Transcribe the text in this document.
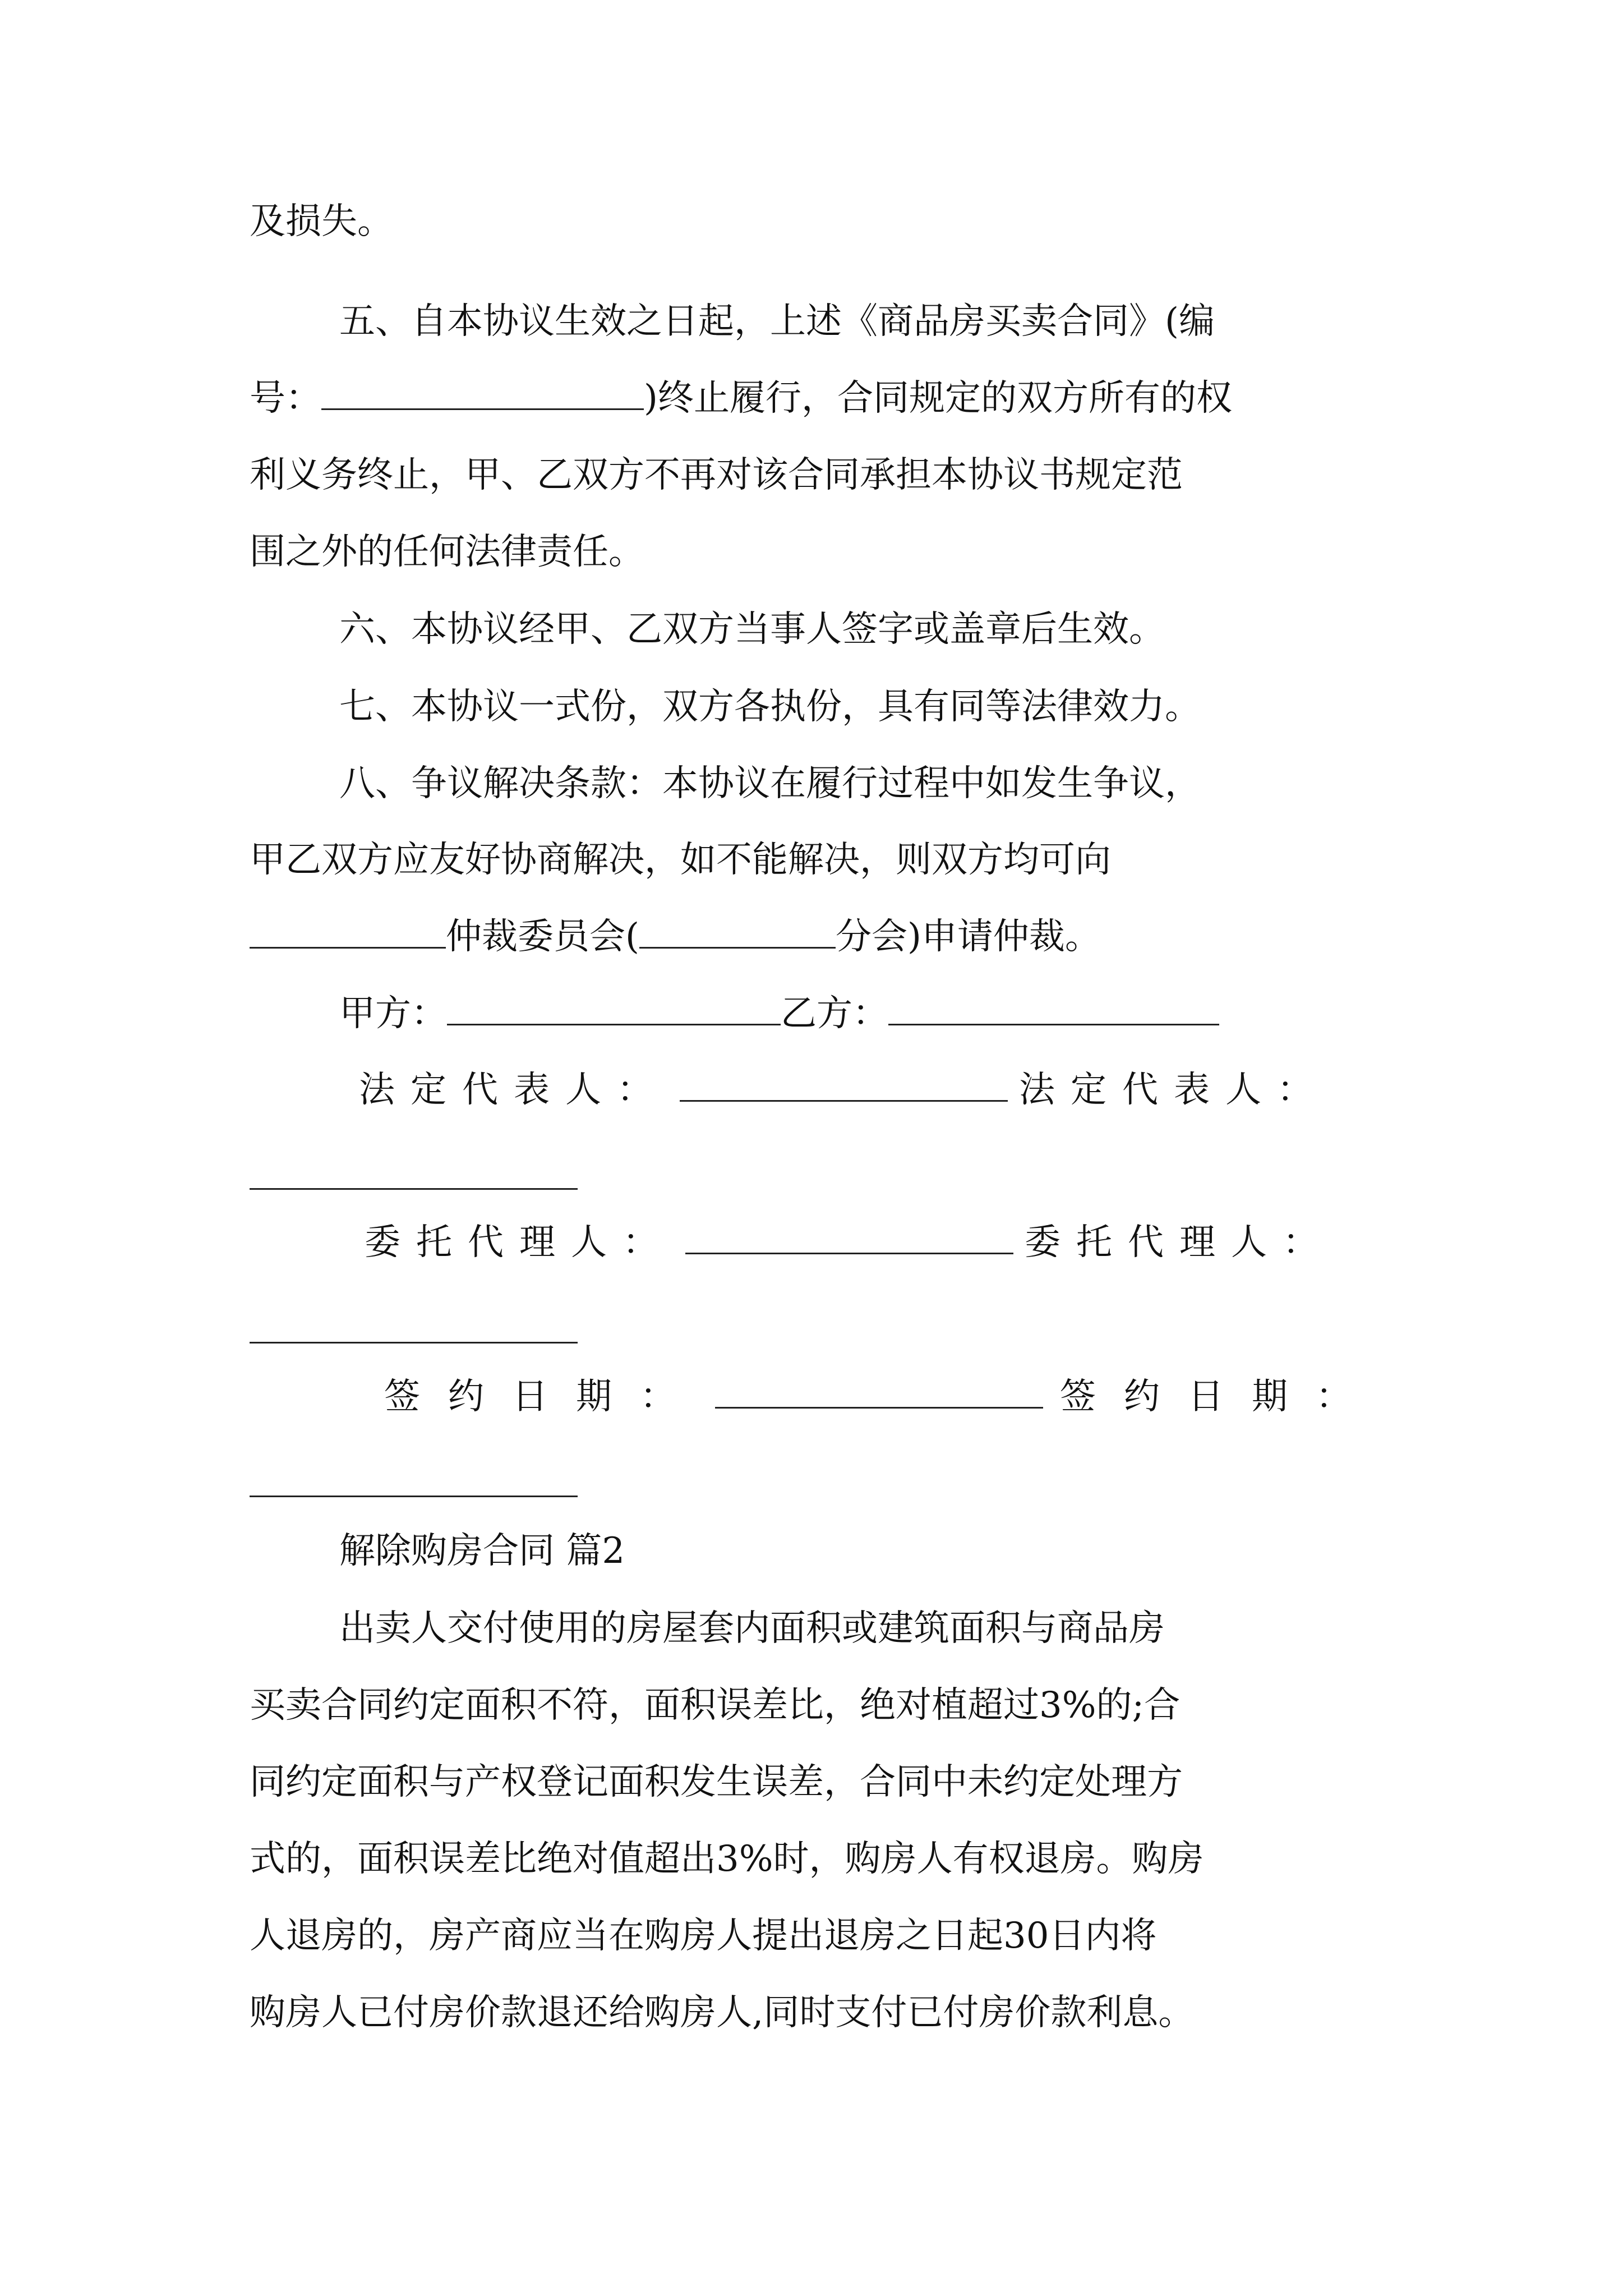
及损失。
五、自本协议生效之日起，上述《商品房买卖合同》(编
号：	)终止履行，合同规定的双方所有的权
利义务终止，甲、乙双方不再对该合同承担本协议书规定范
围之外的任何法律责任。
六、本协议经甲、乙双方当事人签字或盖章后生效。
七、本协议一式份，双方各执份，具有同等法律效力。
八、争议解决条款：本协议在履行过程中如发生争议，
甲乙双方应友好协商解决，如不能解决，则双方均可向
仲裁委员会(	分会)申请仲裁。
甲方：	乙方：
法定代表人：	法定代表人：
委托代理人：	委托代理人：
签约日期：	签约日期：
解除购房合同 篇2
出卖人交付使用的房屋套内面积或建筑面积与商品房
买卖合同约定面积不符，面积误差比，绝对植超过3%的;合
同约定面积与产权登记面积发生误差，合同中未约定处理方
式的，面积误差比绝对值超出3%时，购房人有权退房。购房
人退房的，房产商应当在购房人提出退房之日起30日内将
购房人已付房价款退还给购房人,同时支付已付房价款利息。
